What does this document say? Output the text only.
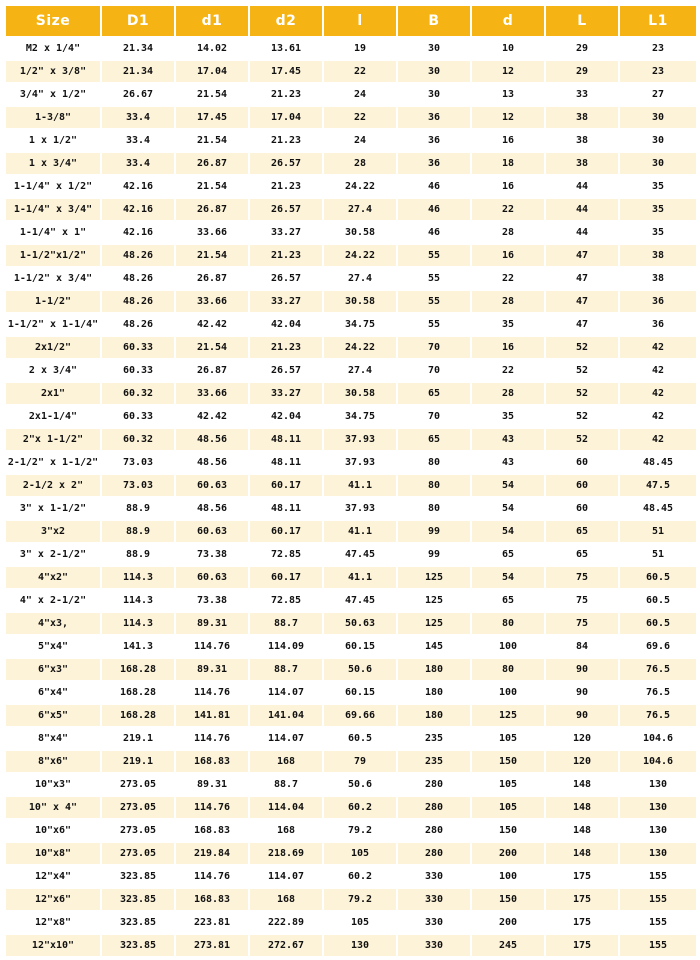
Size	D1	d1	d2	l	B	d	L	L1
M2 x 1/4"	21.34	14.02	13.61	19	30	10	29	23
1/2" x 3/8"	21.34	17.04	17.45	22	30	12	29	23
3/4" x 1/2"	26.67	21.54	21.23	24	30	13	33	27
1-3/8"	33.4	17.45	17.04	22	36	12	38	30
1 x 1/2"	33.4	21.54	21.23	24	36	16	38	30
1 x 3/4"	33.4	26.87	26.57	28	36	18	38	30
1-1/4" x 1/2"	42.16	21.54	21.23	24.22	46	16	44	35
1-1/4" x 3/4"	42.16	26.87	26.57	27.4	46	22	44	35
1-1/4" x 1"	42.16	33.66	33.27	30.58	46	28	44	35
1-1/2"x1/2"	48.26	21.54	21.23	24.22	55	16	47	38
1-1/2" x 3/4"	48.26	26.87	26.57	27.4	55	22	47	38
1-1/2"	48.26	33.66	33.27	30.58	55	28	47	36
1-1/2" x 1-1/4"	48.26	42.42	42.04	34.75	55	35	47	36
2x1/2"	60.33	21.54	21.23	24.22	70	16	52	42
2 x 3/4"	60.33	26.87	26.57	27.4	70	22	52	42
2x1"	60.32	33.66	33.27	30.58	65	28	52	42
2x1-1/4"	60.33	42.42	42.04	34.75	70	35	52	42
2"x 1-1/2"	60.32	48.56	48.11	37.93	65	43	52	42
2-1/2" x 1-1/2"	73.03	48.56	48.11	37.93	80	43	60	48.45
2-1/2 x 2"	73.03	60.63	60.17	41.1	80	54	60	47.5
3" x 1-1/2"	88.9	48.56	48.11	37.93	80	54	60	48.45
3"x2	88.9	60.63	60.17	41.1	99	54	65	51
3" x 2-1/2"	88.9	73.38	72.85	47.45	99	65	65	51
4"x2"	114.3	60.63	60.17	41.1	125	54	75	60.5
4" x 2-1/2"	114.3	73.38	72.85	47.45	125	65	75	60.5
4"x3,	114.3	89.31	88.7	50.63	125	80	75	60.5
5"x4"	141.3	114.76	114.09	60.15	145	100	84	69.6
6"x3"	168.28	89.31	88.7	50.6	180	80	90	76.5
6"x4"	168.28	114.76	114.07	60.15	180	100	90	76.5
6"x5"	168.28	141.81	141.04	69.66	180	125	90	76.5
8"x4"	219.1	114.76	114.07	60.5	235	105	120	104.6
8"x6"	219.1	168.83	168	79	235	150	120	104.6
10"x3"	273.05	89.31	88.7	50.6	280	105	148	130
10" x 4"	273.05	114.76	114.04	60.2	280	105	148	130
10"x6"	273.05	168.83	168	79.2	280	150	148	130
10"x8"	273.05	219.84	218.69	105	280	200	148	130
12"x4"	323.85	114.76	114.07	60.2	330	100	175	155
12"x6"	323.85	168.83	168	79.2	330	150	175	155
12"x8"	323.85	223.81	222.89	105	330	200	175	155
12"x10"	323.85	273.81	272.67	130	330	245	175	155
